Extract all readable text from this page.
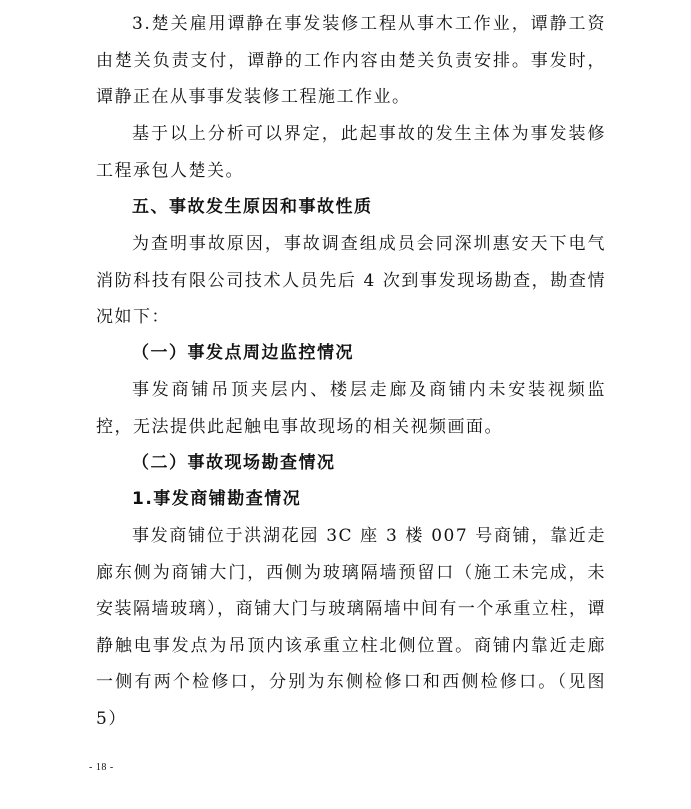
3.楚关雇用谭静在事发装修工程从事木工作业，谭静工资由楚关负责支付，谭静的工作内容由楚关负责安排。事发时，谭静正在从事事发装修工程施工作业。

基于以上分析可以界定，此起事故的发生主体为事发装修工程承包人楚关。

五、事故发生原因和事故性质

为查明事故原因，事故调查组成员会同深圳惠安天下电气消防科技有限公司技术人员先后 4 次到事发现场勘查，勘查情况如下：

（一）事发点周边监控情况

事发商铺吊顶夹层内、楼层走廊及商铺内未安装视频监控，无法提供此起触电事故现场的相关视频画面。

（二）事故现场勘查情况

1.事发商铺勘查情况

事发商铺位于洪湖花园 3C 座 3 楼 007 号商铺，靠近走廊东侧为商铺大门，西侧为玻璃隔墙预留口（施工未完成，未安装隔墙玻璃），商铺大门与玻璃隔墙中间有一个承重立柱，谭静触电事发点为吊顶内该承重立柱北侧位置。商铺内靠近走廊一侧有两个检修口，分别为东侧检修口和西侧检修口。（见图 5）

- 18 -
